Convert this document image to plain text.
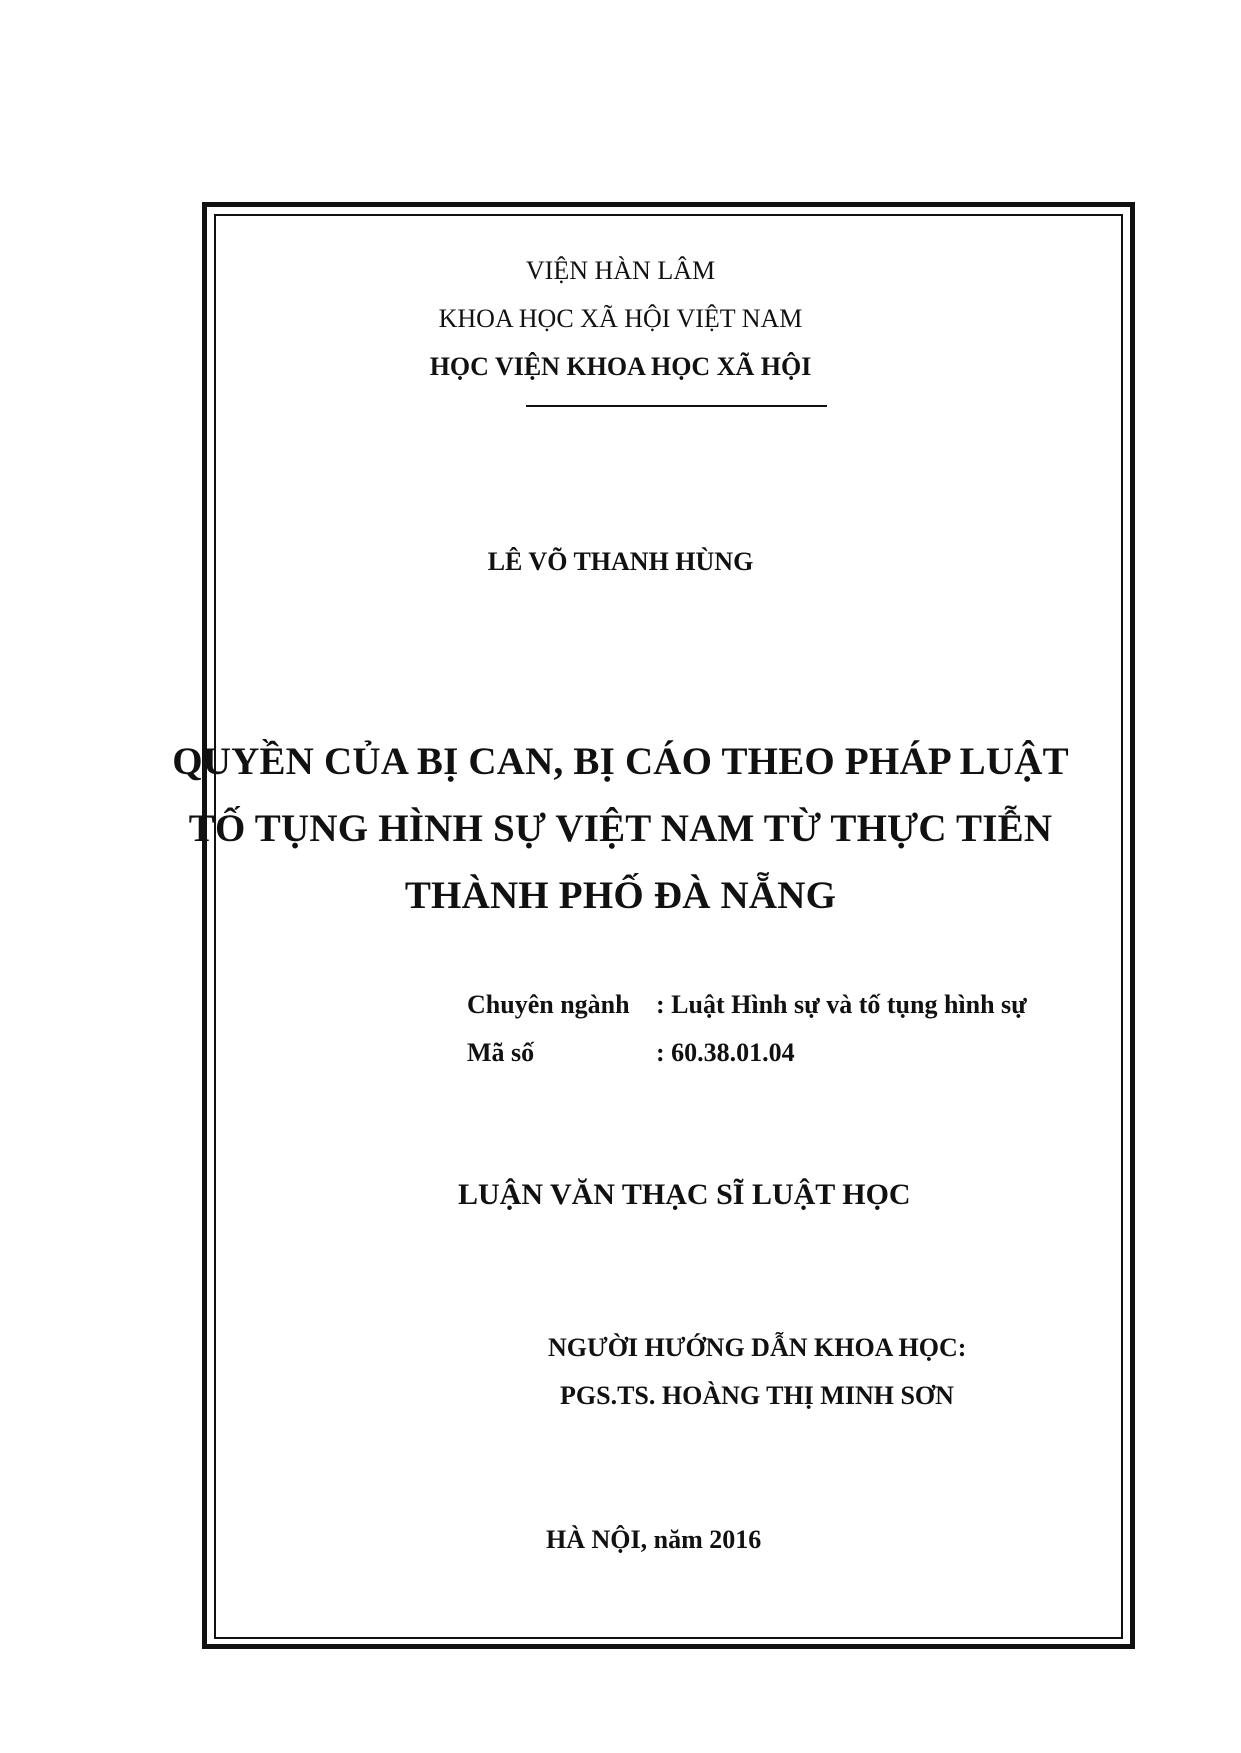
VIỆN HÀN LÂM
KHOA HỌC XÃ HỘI VIỆT NAM
HỌC VIỆN KHOA HỌC XÃ HỘI
LÊ VÕ THANH HÙNG
QUYỀN CỦA BỊ CAN, BỊ CÁO THEO PHÁP LUẬT
TỐ TỤNG HÌNH SỰ VIỆT NAM TỪ THỰC TIỄN
THÀNH PHỐ ĐÀ NẴNG
Chuyên ngành : Luật Hình sự và tố tụng hình sự
Mã số	: 60.38.01.04
LUẬN VĂN THẠC SĨ LUẬT HỌC
NGƯỜI HƯỚNG DẪN KHOA HỌC:
PGS.TS. HOÀNG THỊ MINH SƠN
HÀ NỘI, năm 2016
